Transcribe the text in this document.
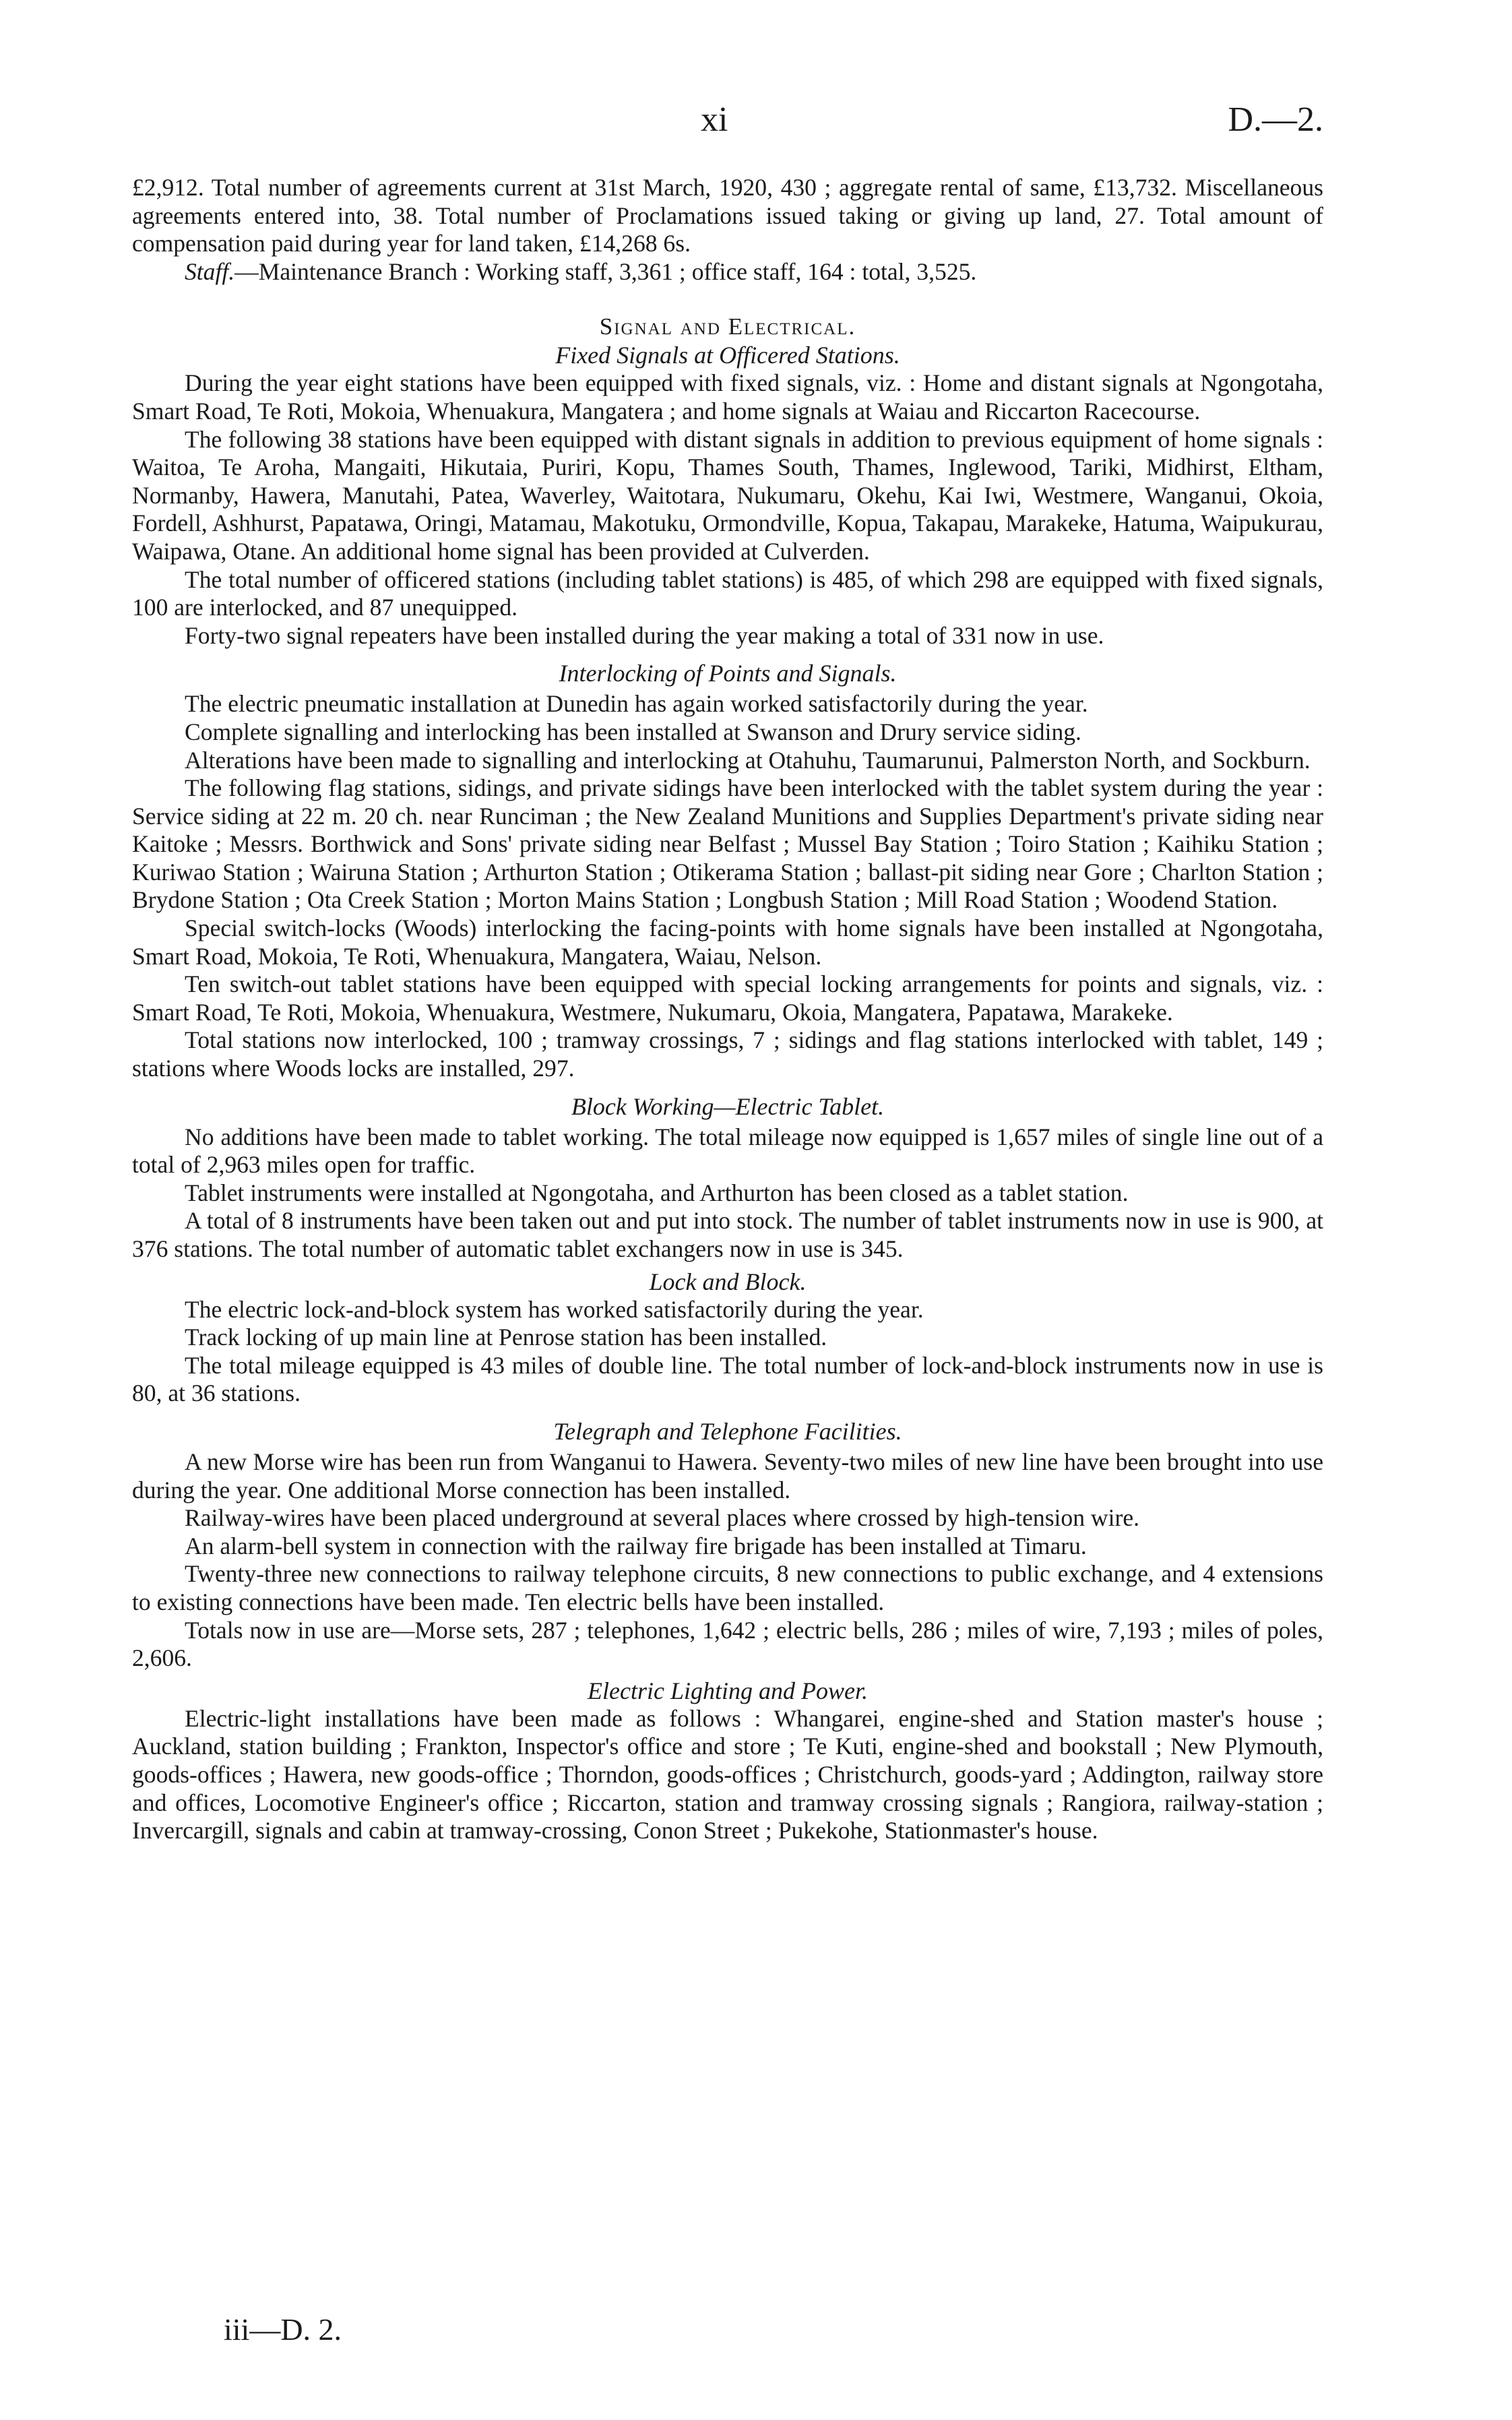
xi	D.—2.

£2,912. Total number of agreements current at 31st March, 1920, 430 ; aggregate rental of same, £13,732. Miscellaneous agreements entered into, 38. Total number of Proclamations issued taking or giving up land, 27. Total amount of compensation paid during year for land taken, £14,268 6s.

Staff.—Maintenance Branch : Working staff, 3,361 ; office staff, 164 : total, 3,525.

Signal and Electrical.
Fixed Signals at Officered Stations.

During the year eight stations have been equipped with fixed signals, viz. : Home and distant signals at Ngongotaha, Smart Road, Te Roti, Mokoia, Whenuakura, Mangatera ; and home signals at Waiau and Riccarton Racecourse.

The following 38 stations have been equipped with distant signals in addition to previous equipment of home signals : Waitoa, Te Aroha, Mangaiti, Hikutaia, Puriri, Kopu, Thames South, Thames, Inglewood, Tariki, Midhirst, Eltham, Normanby, Hawera, Manutahi, Patea, Waverley, Waitotara, Nukumaru, Okehu, Kai Iwi, Westmere, Wanganui, Okoia, Fordell, Ashhurst, Papatawa, Oringi, Matamau, Makotuku, Ormondville, Kopua, Takapau, Marakeke, Hatuma, Waipukurau, Waipawa, Otane. An additional home signal has been provided at Culverden.

The total number of officered stations (including tablet stations) is 485, of which 298 are equipped with fixed signals, 100 are interlocked, and 87 unequipped.

Forty-two signal repeaters have been installed during the year making a total of 331 now in use.

Interlocking of Points and Signals.

The electric pneumatic installation at Dunedin has again worked satisfactorily during the year.

Complete signalling and interlocking has been installed at Swanson and Drury service siding.

Alterations have been made to signalling and interlocking at Otahuhu, Taumarunui, Palmerston North, and Sockburn.

The following flag stations, sidings, and private sidings have been interlocked with the tablet system during the year : Service siding at 22 m. 20 ch. near Runciman ; the New Zealand Munitions and Supplies Department's private siding near Kaitoke ; Messrs. Borthwick and Sons' private siding near Belfast ; Mussel Bay Station ; Toiro Station ; Kaihiku Station ; Kuriwao Station ; Wairuna Station ; Arthurton Station ; Otikerama Station ; ballast-pit siding near Gore ; Charlton Station ; Brydone Station ; Ota Creek Station ; Morton Mains Station ; Longbush Station ; Mill Road Station ; Woodend Station.

Special switch-locks (Woods) interlocking the facing-points with home signals have been installed at Ngongotaha, Smart Road, Mokoia, Te Roti, Whenuakura, Mangatera, Waiau, Nelson.

Ten switch-out tablet stations have been equipped with special locking arrangements for points and signals, viz. : Smart Road, Te Roti, Mokoia, Whenuakura, Westmere, Nukumaru, Okoia, Mangatera, Papatawa, Marakeke.

Total stations now interlocked, 100 ; tramway crossings, 7 ; sidings and flag stations interlocked with tablet, 149 ; stations where Woods locks are installed, 297.

Block Working—Electric Tablet.

No additions have been made to tablet working. The total mileage now equipped is 1,657 miles of single line out of a total of 2,963 miles open for traffic.

Tablet instruments were installed at Ngongotaha, and Arthurton has been closed as a tablet station.

A total of 8 instruments have been taken out and put into stock. The number of tablet instruments now in use is 900, at 376 stations. The total number of automatic tablet exchangers now in use is 345.

Lock and Block.

The electric lock-and-block system has worked satisfactorily during the year.

Track locking of up main line at Penrose station has been installed.

The total mileage equipped is 43 miles of double line. The total number of lock-and-block instruments now in use is 80, at 36 stations.

Telegraph and Telephone Facilities.

A new Morse wire has been run from Wanganui to Hawera. Seventy-two miles of new line have been brought into use during the year. One additional Morse connection has been installed.

Railway-wires have been placed underground at several places where crossed by high-tension wire.

An alarm-bell system in connection with the railway fire brigade has been installed at Timaru.

Twenty-three new connections to railway telephone circuits, 8 new connections to public exchange, and 4 extensions to existing connections have been made. Ten electric bells have been installed.

Totals now in use are—Morse sets, 287 ; telephones, 1,642 ; electric bells, 286 ; miles of wire, 7,193 ; miles of poles, 2,606.

Electric Lighting and Power.

Electric-light installations have been made as follows : Whangarei, engine-shed and Station master's house ; Auckland, station building ; Frankton, Inspector's office and store ; Te Kuti, engine-shed and bookstall ; New Plymouth, goods-offices ; Hawera, new goods-office ; Thorndon, goods-offices ; Christchurch, goods-yard ; Addington, railway store and offices, Locomotive Engineer's office ; Riccarton, station and tramway crossing signals ; Rangiora, railway-station ; Invercargill, signals and cabin at tramway-crossing, Conon Street ; Pukekohe, Stationmaster's house.

iii—D. 2.
